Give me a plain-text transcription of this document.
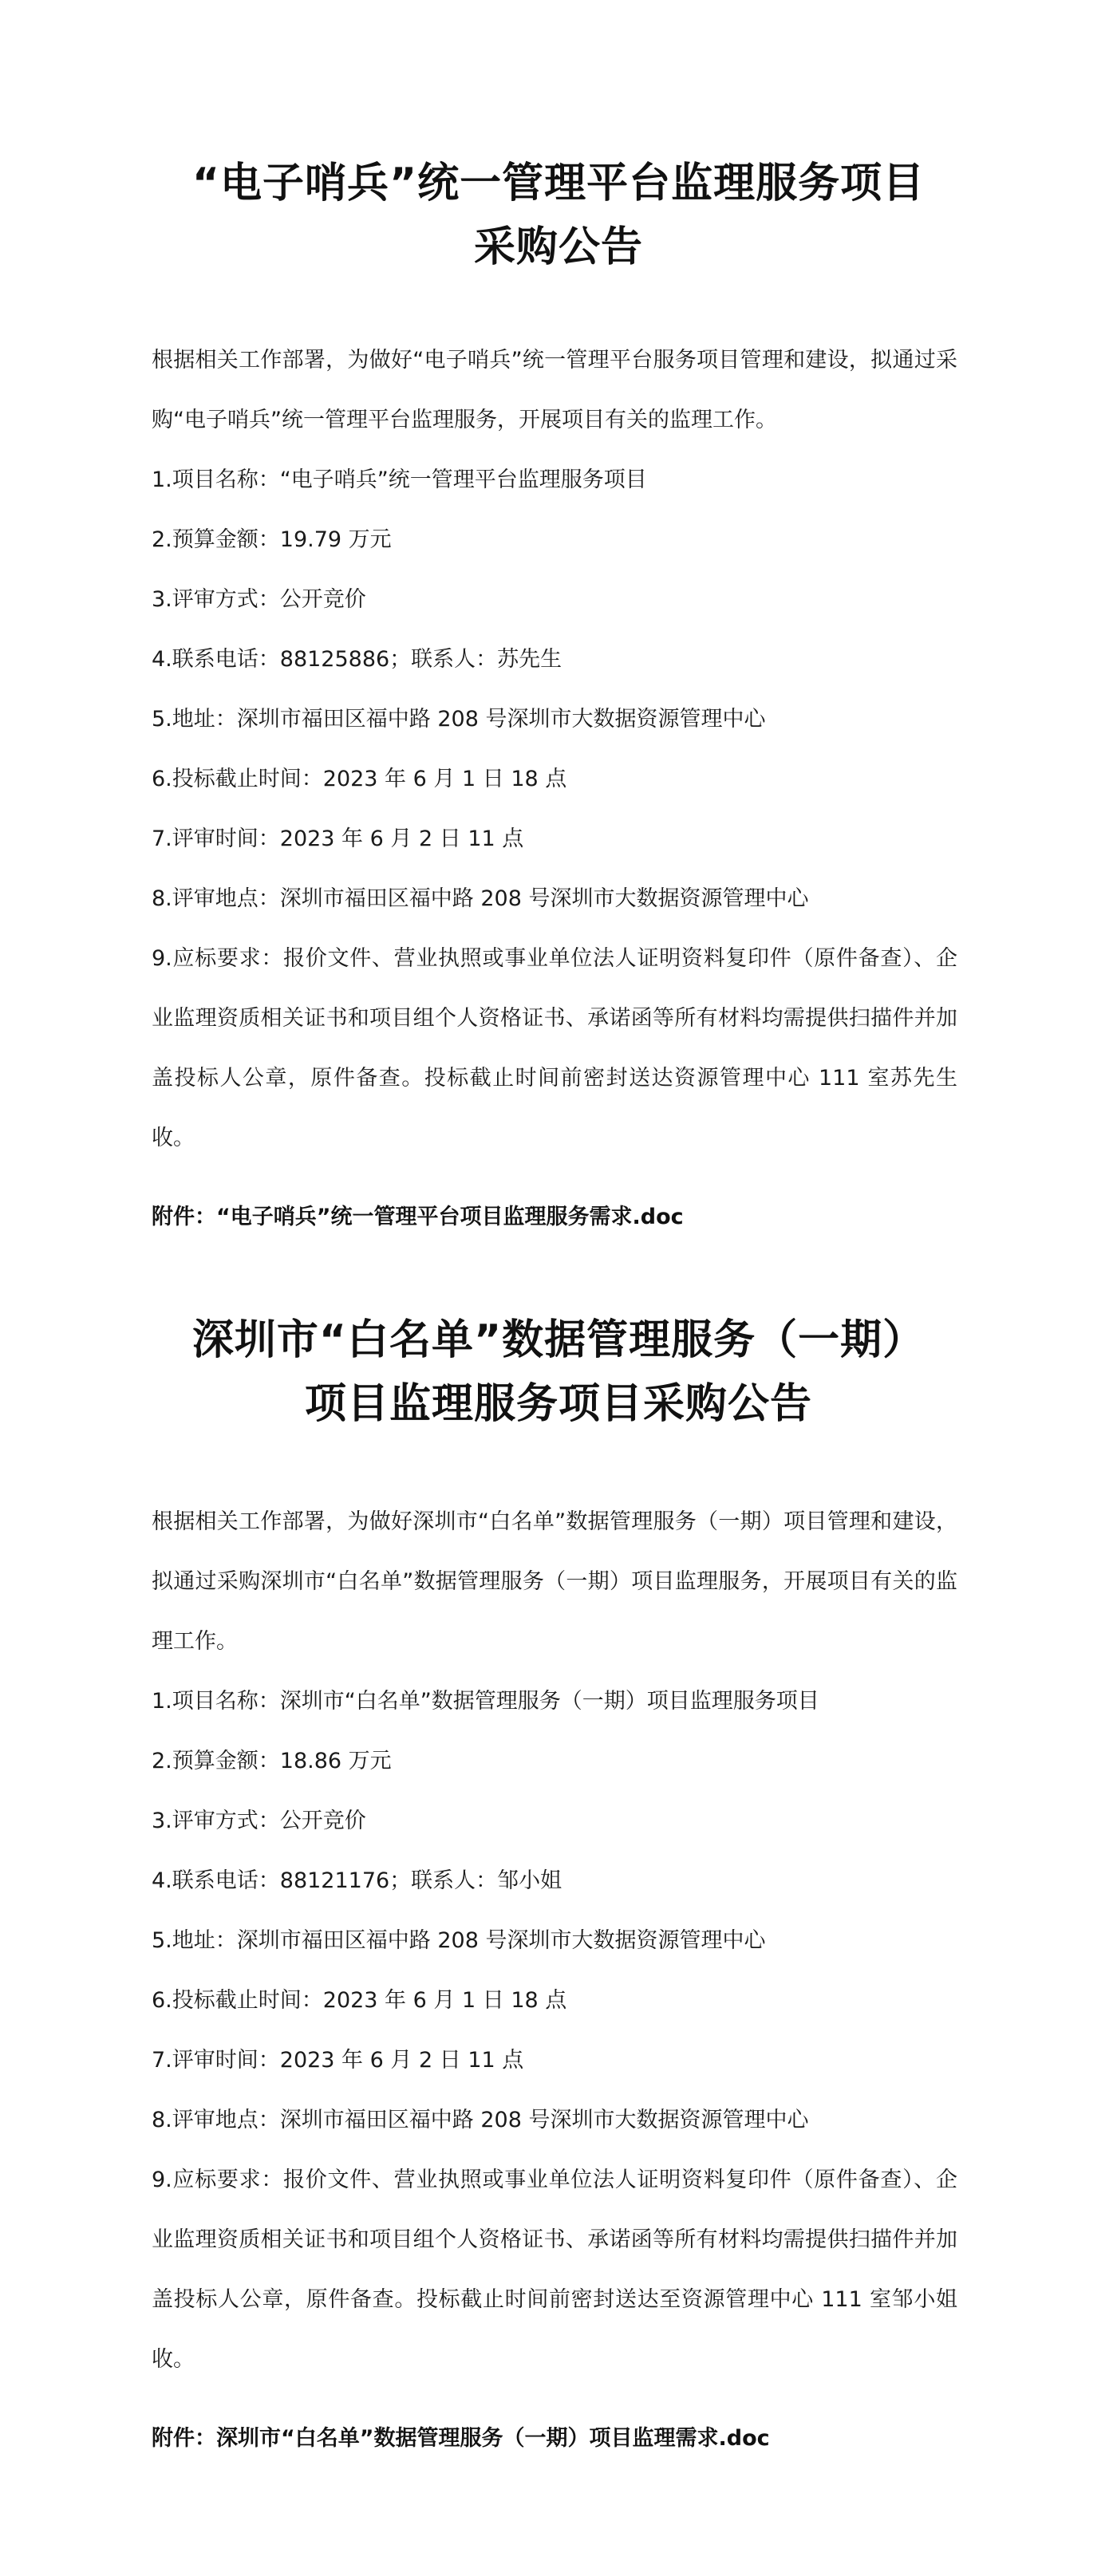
“电子哨兵”统一管理平台监理服务项目
采购公告

根据相关工作部署，为做好“电子哨兵”统一管理平台服务项目管理和建设，拟通过采购“电子哨兵”统一管理平台监理服务，开展项目有关的监理工作。

1.项目名称：“电子哨兵”统一管理平台监理服务项目

2.预算金额：19.79 万元

3.评审方式：公开竞价

4.联系电话：88125886；联系人：苏先生

5.地址：深圳市福田区福中路 208 号深圳市大数据资源管理中心

6.投标截止时间：2023 年 6 月 1 日 18 点

7.评审时间：2023 年 6 月 2 日 11 点

8.评审地点：深圳市福田区福中路 208 号深圳市大数据资源管理中心

9.应标要求：报价文件、营业执照或事业单位法人证明资料复印件（原件备查）、企业监理资质相关证书和项目组个人资格证书、承诺函等所有材料均需提供扫描件并加盖投标人公章，原件备查。投标截止时间前密封送达资源管理中心 111 室苏先生收。

附件：“电子哨兵”统一管理平台项目监理服务需求.doc

深圳市“白名单”数据管理服务（一期）
项目监理服务项目采购公告

根据相关工作部署，为做好深圳市“白名单”数据管理服务（一期）项目管理和建设，拟通过采购深圳市“白名单”数据管理服务（一期）项目监理服务，开展项目有关的监理工作。

1.项目名称：深圳市“白名单”数据管理服务（一期）项目监理服务项目

2.预算金额：18.86 万元

3.评审方式：公开竞价

4.联系电话：88121176；联系人：邹小姐

5.地址：深圳市福田区福中路 208 号深圳市大数据资源管理中心

6.投标截止时间：2023 年 6 月 1 日 18 点

7.评审时间：2023 年 6 月 2 日 11 点

8.评审地点：深圳市福田区福中路 208 号深圳市大数据资源管理中心

9.应标要求：报价文件、营业执照或事业单位法人证明资料复印件（原件备查）、企业监理资质相关证书和项目组个人资格证书、承诺函等所有材料均需提供扫描件并加盖投标人公章，原件备查。投标截止时间前密封送达至资源管理中心 111 室邹小姐收。

附件：深圳市“白名单”数据管理服务（一期）项目监理需求.doc
